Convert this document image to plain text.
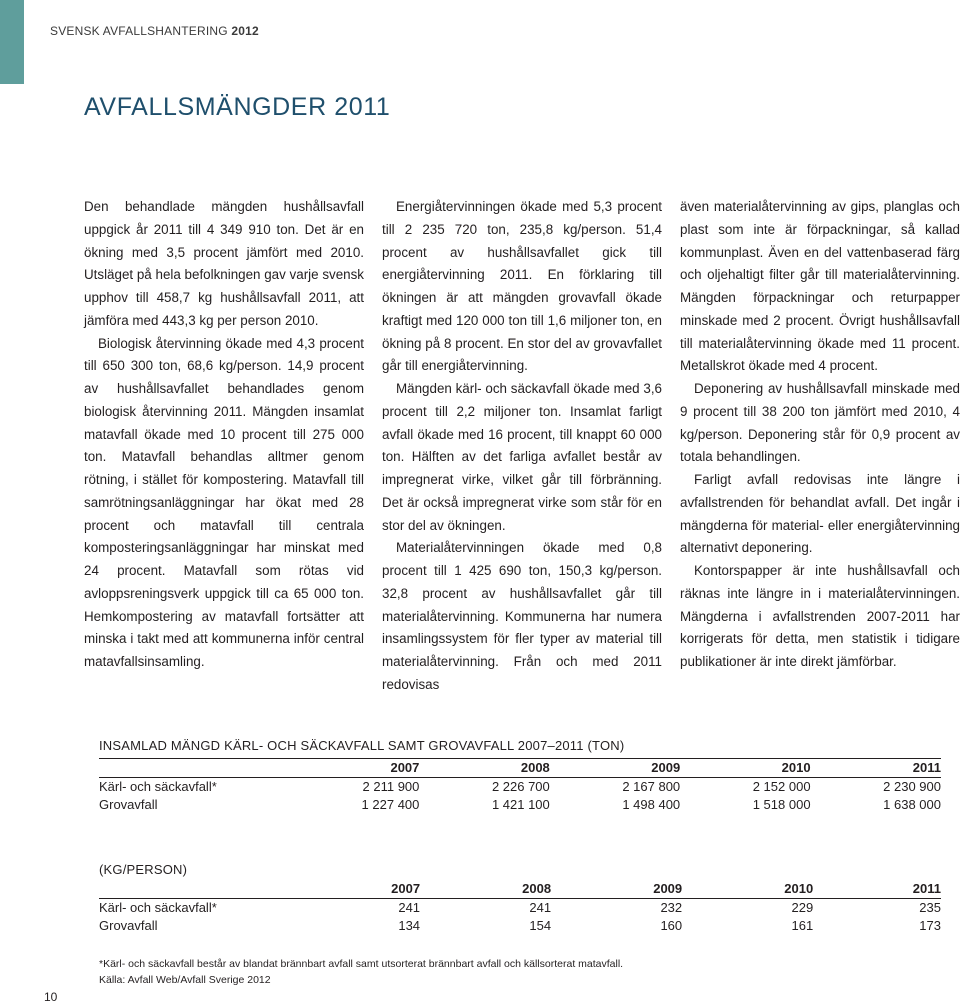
SVENSK AVFALLSHANTERING 2012
AVFALLSMÄNGDER 2011

Den behandlade mängden hushållsavfall uppgick år 2011 till 4 349 910 ton. Det är en ökning med 3,5 procent jämfört med 2010. Utsläget på hela befolkningen gav varje svensk upphov till 458,7 kg hushållsavfall 2011, att jämföra med 443,3 kg per person 2010.

Biologisk återvinning ökade med 4,3 procent till 650 300 ton, 68,6 kg/person. 14,9 procent av hushållsavfallet behandlades genom biologisk återvinning 2011. Mängden insamlat matavfall ökade med 10 procent till 275 000 ton. Matavfall behandlas alltmer genom rötning, i stället för kompostering. Matavfall till samrötningsanläggningar har ökat med 28 procent och matavfall till centrala komposteringsanläggningar har minskat med 24 procent. Matavfall som rötas vid avloppsreningsverk uppgick till ca 65 000 ton. Hemkompostering av matavfall fortsätter att minska i takt med att kommunerna inför central matavfallsinsamling.

Energiåtervinningen ökade med 5,3 procent till 2 235 720 ton, 235,8 kg/person. 51,4 procent av hushållsavfallet gick till energiåtervinning 2011. En förklaring till ökningen är att mängden grovavfall ökade kraftigt med 120 000 ton till 1,6 miljoner ton, en ökning på 8 procent. En stor del av grovavfallet går till energiåtervinning.

Mängden kärl- och säckavfall ökade med 3,6 procent till 2,2 miljoner ton. Insamlat farligt avfall ökade med 16 procent, till knappt 60 000 ton. Hälften av det farliga avfallet består av impregnerat virke, vilket går till förbränning. Det är också impregnerat virke som står för en stor del av ökningen.

Materialåtervinningen ökade med 0,8 procent till 1 425 690 ton, 150,3 kg/person. 32,8 procent av hushållsavfallet går till materialåtervinning. Kommunerna har numera insamlingssystem för fler typer av material till materialåtervinning. Från och med 2011 redovisas

även materialåtervinning av gips, planglas och plast som inte är förpackningar, så kallad kommunplast. Även en del vattenbaserad färg och oljehaltigt filter går till materialåtervinning. Mängden förpackningar och returpapper minskade med 2 procent. Övrigt hushållsavfall till materialåtervinning ökade med 11 procent. Metallskrot ökade med 4 procent.

Deponering av hushållsavfall minskade med 9 procent till 38 200 ton jämfört med 2010, 4 kg/person. Deponering står för 0,9 procent av totala behandlingen.

Farligt avfall redovisas inte längre i avfallstrenden för behandlat avfall. Det ingår i mängderna för material- eller energiåtervinning alternativt deponering.

Kontorspapper är inte hushållsavfall och räknas inte längre in i materialåtervinningen. Mängderna i avfallstrenden 2007-2011 har korrigerats för detta, men statistik i tidigare publikationer är inte direkt jämförbar.

INSAMLAD MÄNGD KÄRL- OCH SÄCKAVFALL SAMT GROVAVFALL 2007–2011 (TON)
	2007	2008	2009	2010	2011
Kärl- och säckavfall*	2 211 900	2 226 700	2 167 800	2 152 000	2 230 900
Grovavfall	1 227 400	1 421 100	1 498 400	1 518 000	1 638 000
(KG/PERSON)
	2007	2008	2009	2010	2011
Kärl- och säckavfall*	241	241	232	229	235
Grovavfall	134	154	160	161	173
*Kärl- och säckavfall består av blandat brännbart avfall samt utsorterat brännbart avfall och källsorterat matavfall.
Källa: Avfall Web/Avfall Sverige 2012
10
